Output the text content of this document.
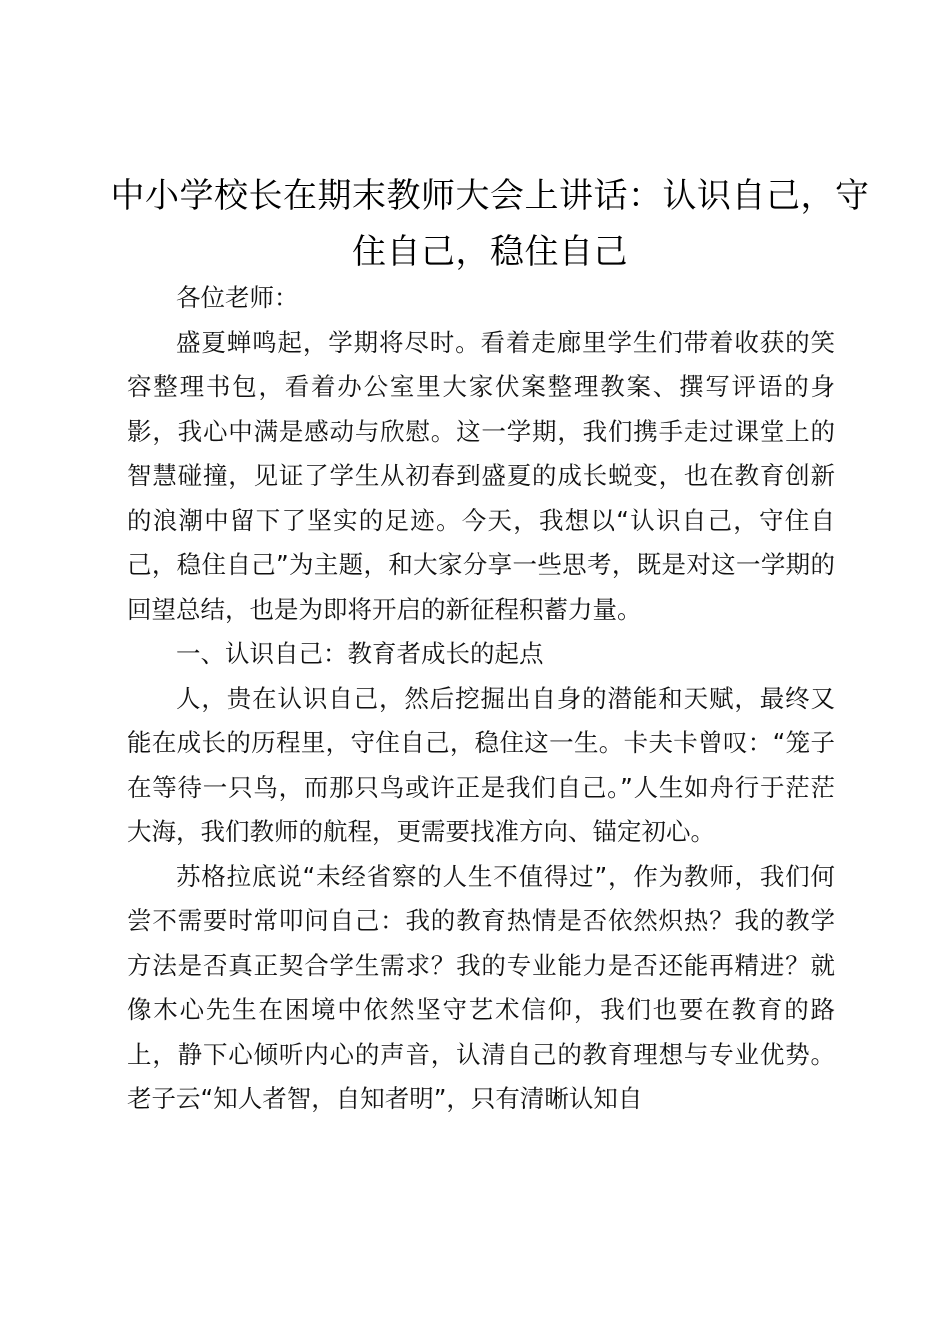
中小学校长在期末教师大会上讲话：认识自己，守住自己，稳住自己

各位老师：

盛夏蝉鸣起，学期将尽时。看着走廊里学生们带着收获的笑容整理书包，看着办公室里大家伏案整理教案、撰写评语的身影，我心中满是感动与欣慰。这一学期，我们携手走过课堂上的智慧碰撞，见证了学生从初春到盛夏的成长蜕变，也在教育创新的浪潮中留下了坚实的足迹。今天，我想以“认识自己，守住自己，稳住自己”为主题，和大家分享一些思考，既是对这一学期的回望总结，也是为即将开启的新征程积蓄力量。

一、认识自己：教育者成长的起点

人，贵在认识自己，然后挖掘出自身的潜能和天赋，最终又能在成长的历程里，守住自己，稳住这一生。卡夫卡曾叹：“笼子在等待一只鸟，而那只鸟或许正是我们自己。”人生如舟行于茫茫大海，我们教师的航程，更需要找准方向、锚定初心。

苏格拉底说“未经省察的人生不值得过”，作为教师，我们何尝不需要时常叩问自己：我的教育热情是否依然炽热？我的教学方法是否真正契合学生需求？我的专业能力是否还能再精进？就像木心先生在困境中依然坚守艺术信仰，我们也要在教育的路上，静下心倾听内心的声音，认清自己的教育理想与专业优势。老子云“知人者智，自知者明”，只有清晰认知自
